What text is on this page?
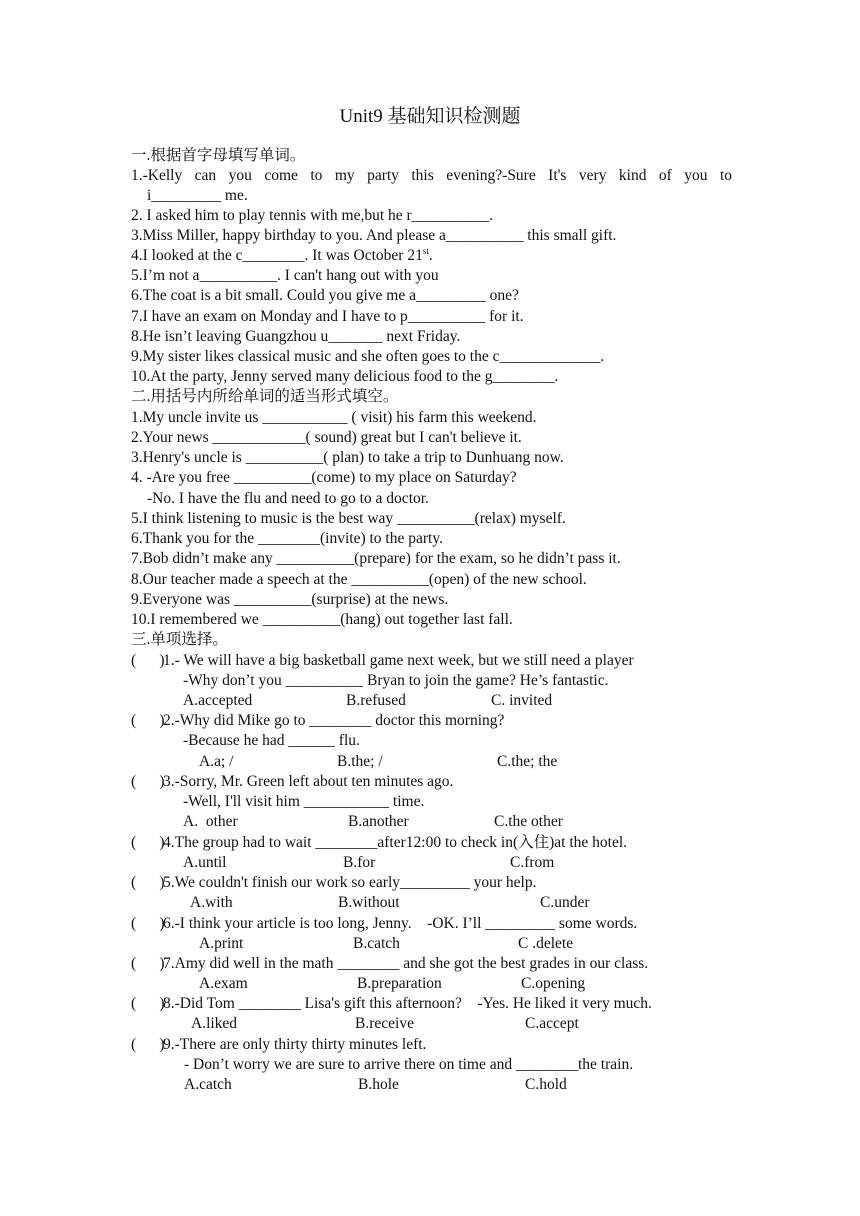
Unit9 基础知识检测题
一.根据首字母填写单词。
1.-Kelly can you come to my party this evening?-Sure It's very kind of you to
i_________ me.
2. I asked him to play tennis with me,but he r__________.
3.Miss Miller, happy birthday to you. And please a__________ this small gift.
4.I looked at the c________. It was October 21st.
5.I’m not a__________. I can't hang out with you
6.The coat is a bit small. Could you give me a_________ one?
7.I have an exam on Monday and I have to p__________ for it.
8.He isn’t leaving Guangzhou u_______ next Friday.
9.My sister likes classical music and she often goes to the c_____________.
10.At the party, Jenny served many delicious food to the g________.
二.用括号内所给单词的适当形式填空。
1.My uncle invite us ___________ ( visit) his farm this weekend.
2.Your news ____________( sound) great but I can't believe it.
3.Henry's uncle is __________( plan) to take a trip to Dunhuang now.
4. -Are you free __________(come) to my place on Saturday?
-No. I have the flu and need to go to a doctor.
5.I think listening to music is the best way __________(relax) myself.
6.Thank you for the ________(invite) to the party.
7.Bob didn’t make any __________(prepare) for the exam, so he didn’t pass it.
8.Our teacher made a speech at the __________(open) of the new school.
9.Everyone was __________(surprise) at the news.
10.I remembered we __________(hang) out together last fall.
三.单项选择。
(      )
1.- We will have a big basketball game next week, but we still need a player
-Why don’t you __________ Bryan to join the game? He’s fantastic.
A.accepted	B.refused	C. invited
(      )
2.-Why did Mike go to ________ doctor this morning?
-Because he had ______ flu.
A.a; /	B.the; /	C.the; the
(      )
3.-Sorry, Mr. Green left about ten minutes ago.
-Well, I'll visit him ___________ time.
A.  other	B.another	C.the other
(      )
4.The group had to wait ________after12:00 to check in(入住)at the hotel.
A.until	B.for	C.from
(      )
5.We couldn't finish our work so early_________ your help.
A.with	B.without	C.under
(      )
6.-I think your article is too long, Jenny.    -OK. I’ll _________ some words.
A.print	B.catch	C .delete
(      )
7.Amy did well in the math ________ and she got the best grades in our class.
A.exam	B.preparation	C.opening
(      )
8.-Did Tom ________ Lisa's gift this afternoon?    -Yes. He liked it very much.
A.liked	B.receive	C.accept
(      )
9.-There are only thirty thirty minutes left.
- Don’t worry we are sure to arrive there on time and ________the train.
A.catch	B.hole	C.hold
